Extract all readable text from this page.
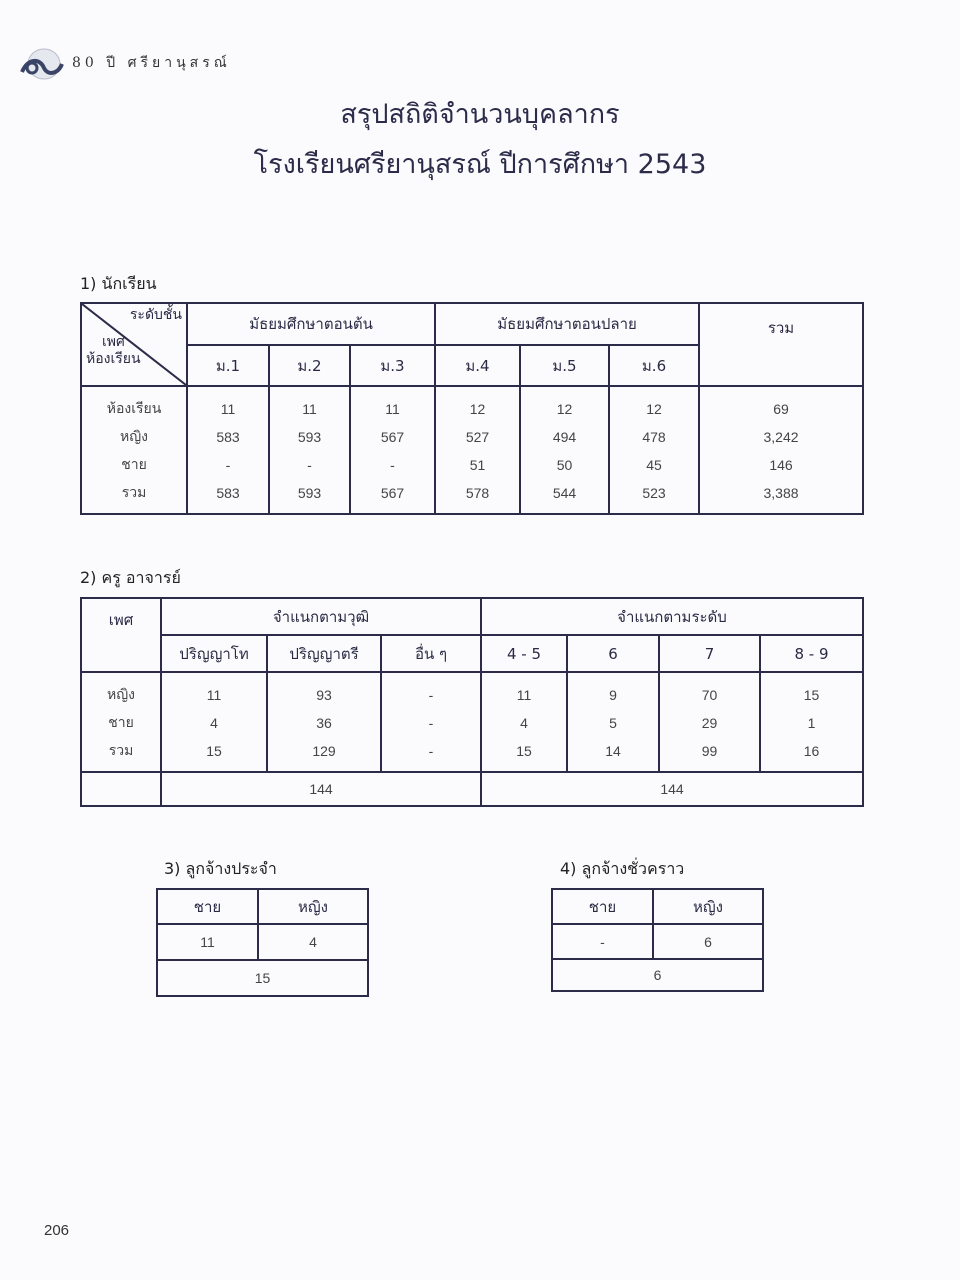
80 ปี ศรียานุสรณ์
สรุปสถิติจำนวนบุคลากร
โรงเรียนศรียานุสรณ์ ปีการศึกษา 2543
1) นักเรียน
ระดับชั้น
เพศ
ห้องเรียน	มัธยมศึกษาตอนต้น			มัธยมศึกษาตอนปลาย			รวม
	ม.1	ม.2	ม.3	ม.4	ม.5	ม.6	
ห้องเรียน	11	11	11	12	12	12	69
หญิง	583	593	567	527	494	478	3,242
ชาย	-	-	-	51	50	45	146
รวม	583	593	567	578	544	523	3,388
2) ครู อาจารย์
เพศ	จำแนกตามวุฒิ			จำแนกตามระดับ			
	ปริญญาโท	ปริญญาตรี	อื่น ๆ	4 - 5	6	7	8 - 9
หญิง	11	93	-	11	9	70	15
ชาย	4	36	-	4	5	29	1
รวม	15	129	-	15	14	99	16
	144			144			
3) ลูกจ้างประจำ
ชาย	หญิง
11	4
15	
4) ลูกจ้างชั่วคราว
ชาย	หญิง
-	6
6	
206
